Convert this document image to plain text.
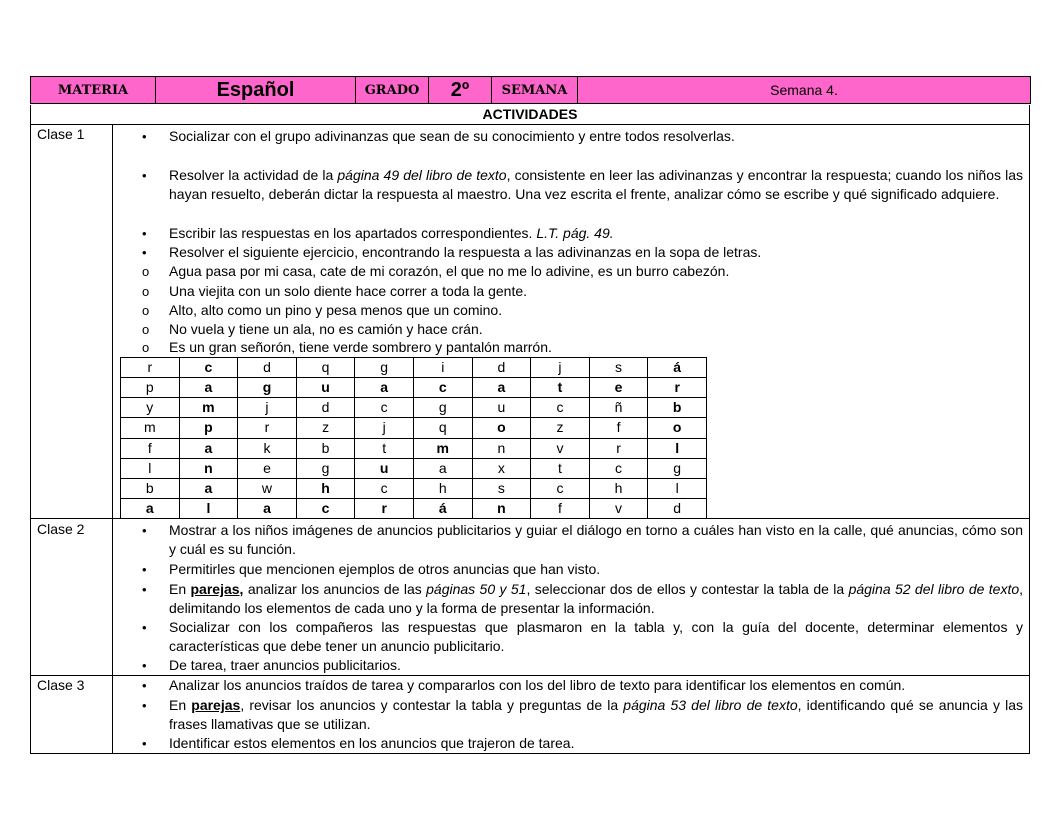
MATERIA	Español	GRADO	2º	SEMANA	Semana 4.
ACTIVIDADES
Clase 1	• Socializar con el grupo adivinanzas que sean de su conocimiento y entre todos resolverlas.
• Resolver la actividad de la página 49 del libro de texto, consistente en leer las adivinanzas y encontrar la respuesta; cuando los niños las hayan resuelto, deberán dictar la respuesta al maestro. Una vez escrita el frente, analizar cómo se escribe y qué significado adquiere.
• Escribir las respuestas en los apartados correspondientes. L.T. pág. 49.
• Resolver el siguiente ejercicio, encontrando la respuesta a las adivinanzas en la sopa de letras.
o Agua pasa por mi casa, cate de mi corazón, el que no me lo adivine, es un burro cabezón.
o Una viejita con un solo diente hace correr a toda la gente.
o Alto, alto como un pino y pesa menos que un comino.
o No vuela y tiene un ala, no es camión y hace crán.
o Es un gran señorón, tiene verde sombrero y pantalón marrón.
r	c	d	q	g	i	d	j	s	á
p	a	g	u	a	c	a	t	e	r
y	m	j	d	c	g	u	c	ñ	b
m	p	r	z	j	q	o	z	f	o
f	a	k	b	t	m	n	v	r	l
l	n	e	g	u	a	x	t	c	g
b	a	w	h	c	h	s	c	h	l
a	l	a	c	r	á	n	f	v	d
Clase 2	• Mostrar a los niños imágenes de anuncios publicitarios y guiar el diálogo en torno a cuáles han visto en la calle, qué anuncias, cómo son y cuál es su función.
• Permitirles que mencionen ejemplos de otros anuncias que han visto.
• En parejas, analizar los anuncios de las páginas 50 y 51, seleccionar dos de ellos y contestar la tabla de la página 52 del libro de texto, delimitando los elementos de cada uno y la forma de presentar la información.
• Socializar con los compañeros las respuestas que plasmaron en la tabla y, con la guía del docente, determinar elementos y características que debe tener un anuncio publicitario.
• De tarea, traer anuncios publicitarios.
Clase 3	• Analizar los anuncios traídos de tarea y compararlos con los del libro de texto para identificar los elementos en común.
• En parejas, revisar los anuncios y contestar la tabla y preguntas de la página 53 del libro de texto, identificando qué se anuncia y las frases llamativas que se utilizan.
• Identificar estos elementos en los anuncios que trajeron de tarea.
